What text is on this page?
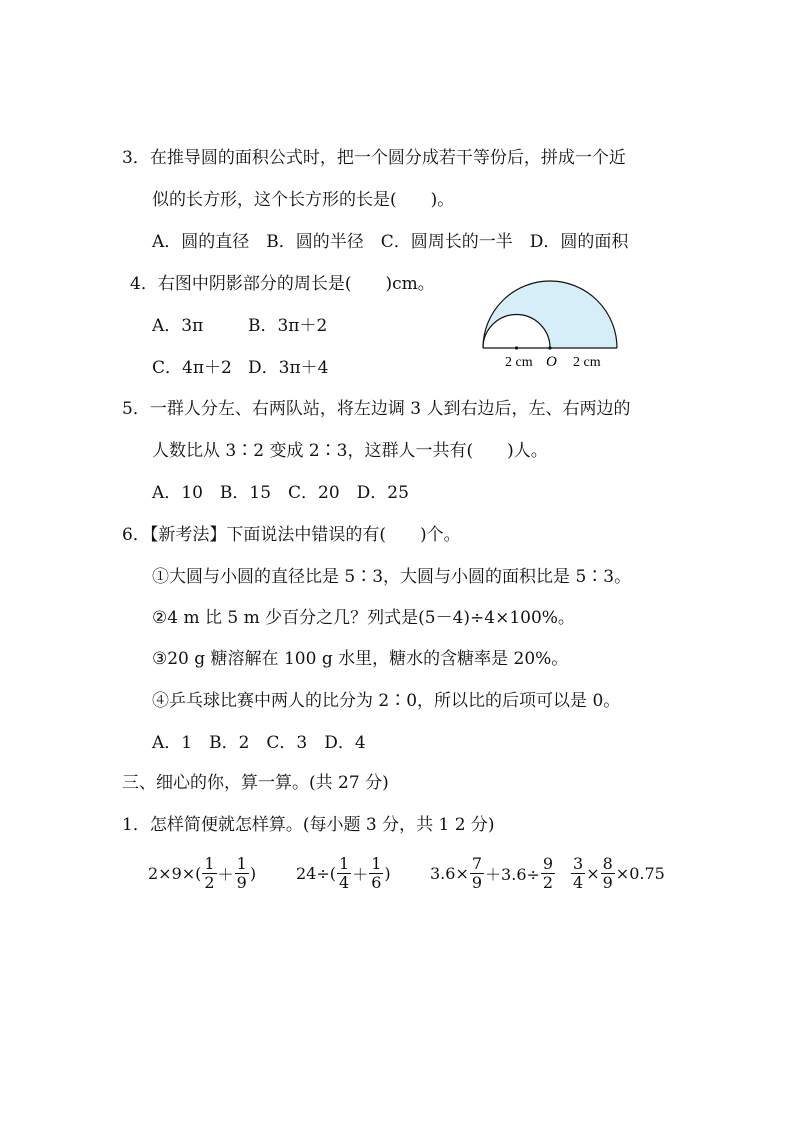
3．在推导圆的面积公式时，把一个圆分成若干等份后，拼成一个近
似的长方形，这个长方形的长是(　　)。
A．圆的直径　B．圆的半径　C．圆周长的一半　D．圆的面积
4．右图中阴影部分的周长是(　　)cm。
A．3π	B．3π＋2
C．4π＋2 D．3π＋4	2 cm O 2 cm
5．一群人分左、右两队站，将左边调 3 人到右边后，左、右两边的
人数比从 3∶2 变成 2∶3，这群人一共有(　　)人。
A．10　B．15　C．20　D．25
6．【新考法】下面说法中错误的有(　　)个。
①大圆与小圆的直径比是 5∶3，大圆与小圆的面积比是 5∶3。
②4 m 比 5 m 少百分之几？列式是(5－4)÷4×100%。
③20 g 糖溶解在 100 g 水里，糖水的含糖率是 20%。
④乒乓球比赛中两人的比分为 2∶0，所以比的后项可以是 0。
A．1　B．2　C．3　D．4
三、细心的你，算一算。(共 27 分)
1．怎样简便就怎样算。(每小题 3 分，共 1 2 分)
$2\times 9\times( \frac{1}{2} + \frac{1}{9}$ ) $24\div( \frac{1}{4} + \frac{1}{6}$ ) $3.6\times \frac{7}{9} +3.6\div \frac{9}{2} \frac{3}{4} \times \frac{8}{9} \times 0.75$
